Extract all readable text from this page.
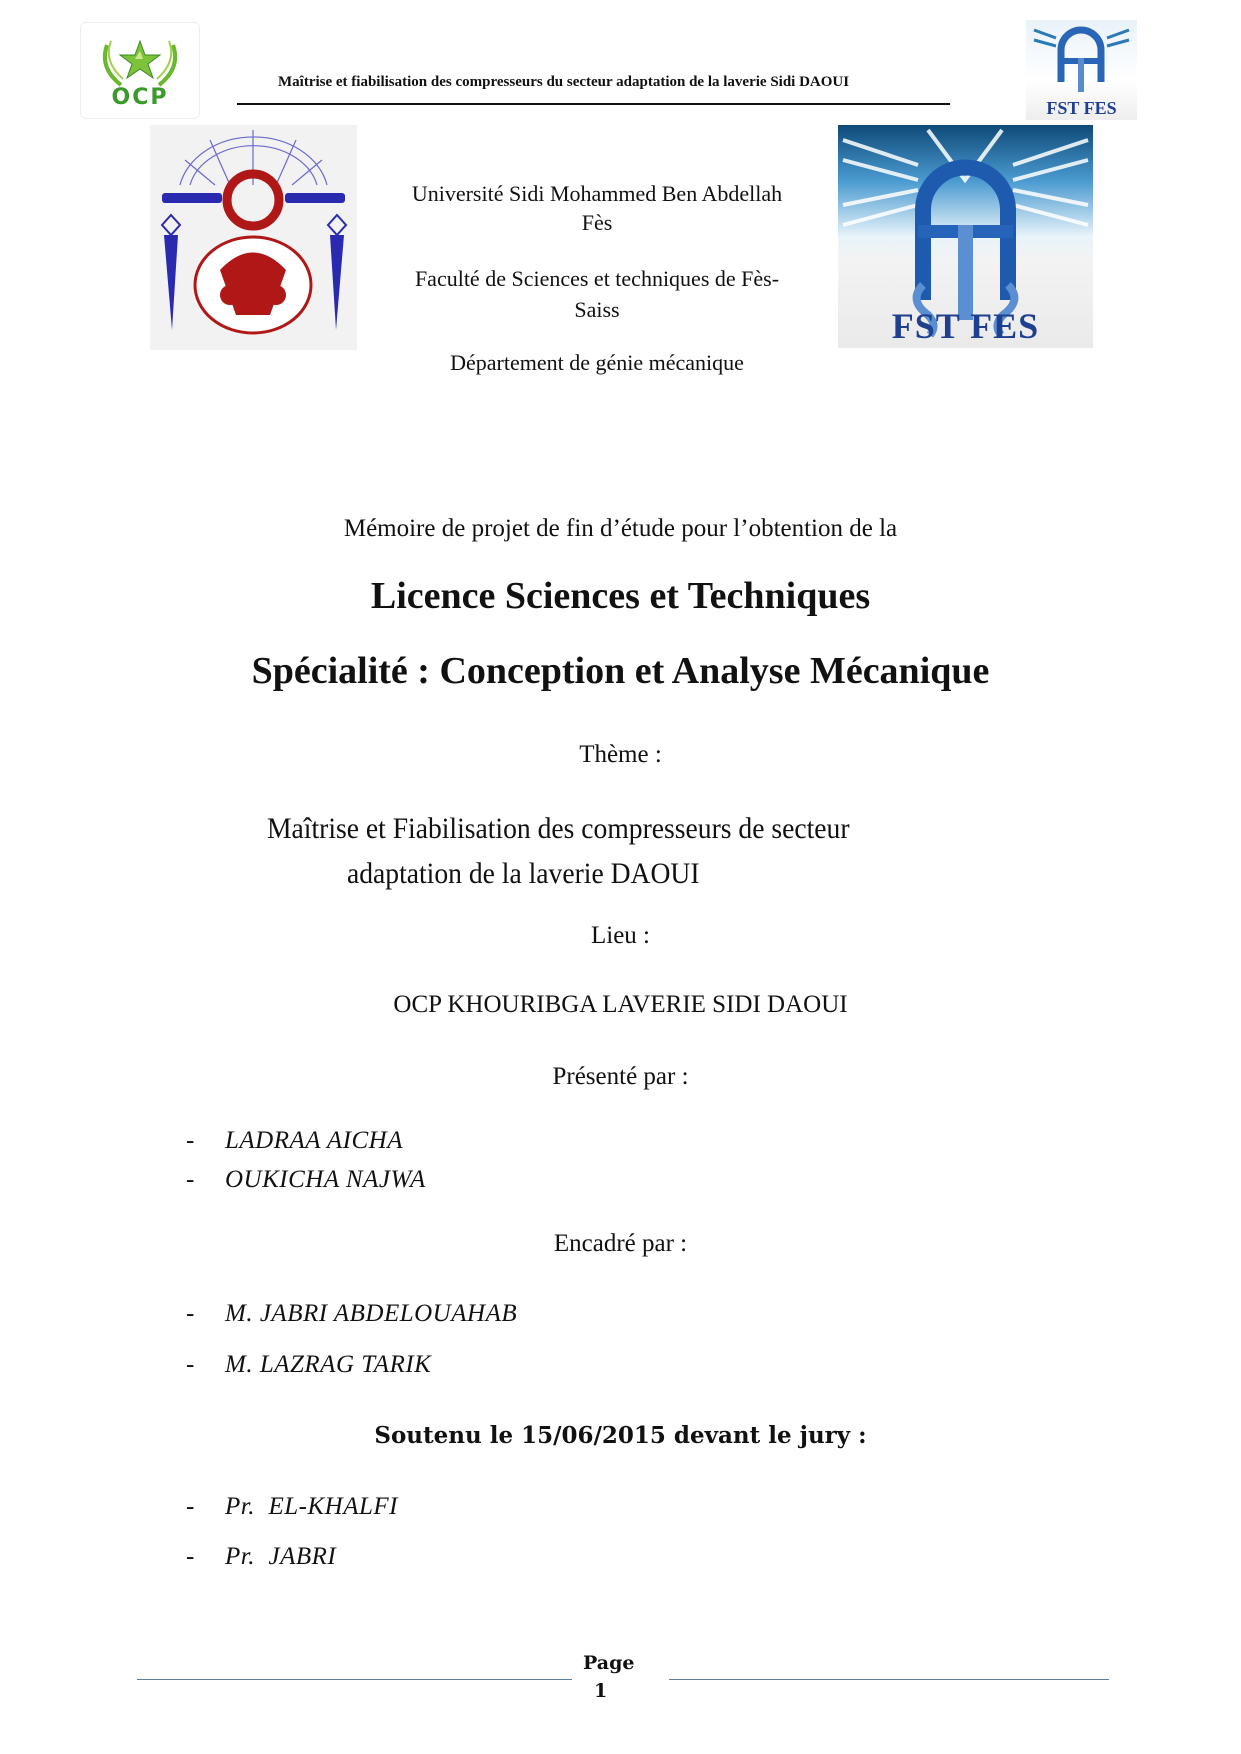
OCP
Maîtrise et fiabilisation des compresseurs du secteur adaptation de la laverie Sidi DAOUI
FST FES
Université Sidi Mohammed Ben Abdellah
Fès
Faculté de Sciences et techniques de Fès-
Saiss
Département de génie mécanique
FST FES
Mémoire de projet de fin d’étude pour l’obtention de la
Licence Sciences et Techniques
Spécialité : Conception et Analyse Mécanique
Thème :
Maîtrise et Fiabilisation des compresseurs de secteur
adaptation de la laverie DAOUI
Lieu :
OCP KHOURIBGA LAVERIE SIDI DAOUI
Présenté par :
- LADRAA AICHA
- OUKICHA NAJWA
Encadré par :
- M. JABRI ABDELOUAHAB
- M. LAZRAG TARIK
Soutenu le 15/06/2015 devant le jury :
- Pr.  EL-KHALFI
- Pr.  JABRI
Page
1
